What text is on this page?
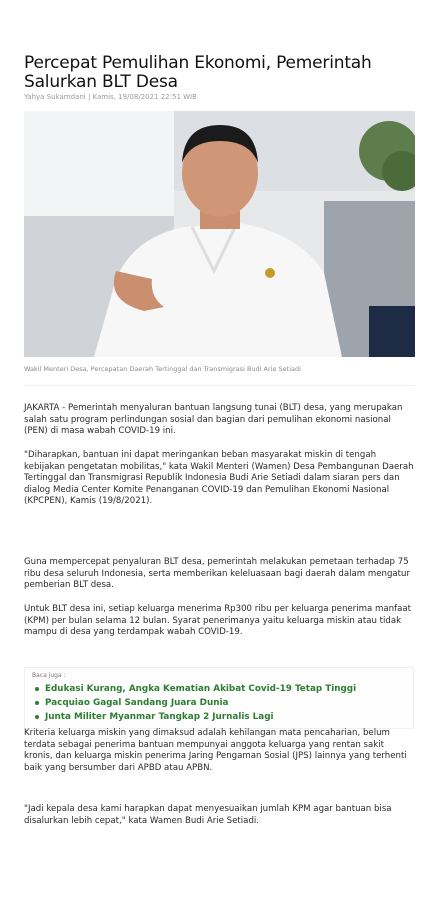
Percepat Pemulihan Ekonomi, Pemerintah Salurkan BLT Desa
Yahya Sukamdani | Kamis, 19/08/2021 22:51 WIB
Wakil Menteri Desa, Percepatan Daerah Tertinggal dan Transmigrasi Budi Arie Setiadi

JAKARTA - Pemerintah menyaluran bantuan langsung tunai (BLT) desa, yang merupakan salah satu program perlindungan sosial dan bagian dari pemulihan ekonomi nasional (PEN) di masa wabah COVID-19 ini.

"Diharapkan, bantuan ini dapat meringankan beban masyarakat miskin di tengah kebijakan pengetatan mobilitas," kata Wakil Menteri (Wamen) Desa Pembangunan Daerah Tertinggal dan Transmigrasi Republik Indonesia Budi Arie Setiadi dalam siaran pers dan dialog Media Center Komite Penanganan COVID-19 dan Pemulihan Ekonomi Nasional (KPCPEN), Kamis (19/8/2021).

Guna mempercepat penyaluran BLT desa, pemerintah melakukan pemetaan terhadap 75 ribu desa seluruh Indonesia, serta memberikan keleluasaan bagi daerah dalam mengatur pemberian BLT desa.

Untuk BLT desa ini, setiap keluarga menerima Rp300 ribu per keluarga penerima manfaat (KPM) per bulan selama 12 bulan. Syarat penerimanya yaitu keluarga miskin atau tidak mampu di desa yang terdampak wabah COVID-19.

Baca juga :
Edukasi Kurang, Angka Kematian Akibat Covid-19 Tetap Tinggi
Pacquiao Gagal Sandang Juara Dunia
Junta Militer Myanmar Tangkap 2 Jurnalis Lagi

Kriteria keluarga miskin yang dimaksud adalah kehilangan mata pencaharian, belum terdata sebagai penerima bantuan mempunyai anggota keluarga yang rentan sakit kronis, dan keluarga miskin penerima Jaring Pengaman Sosial (JPS) lainnya yang terhenti baik yang bersumber dari APBD atau APBN.

"Jadi kepala desa kami harapkan dapat menyesuaikan jumlah KPM agar bantuan bisa disalurkan lebih cepat," kata Wamen Budi Arie Setiadi.
